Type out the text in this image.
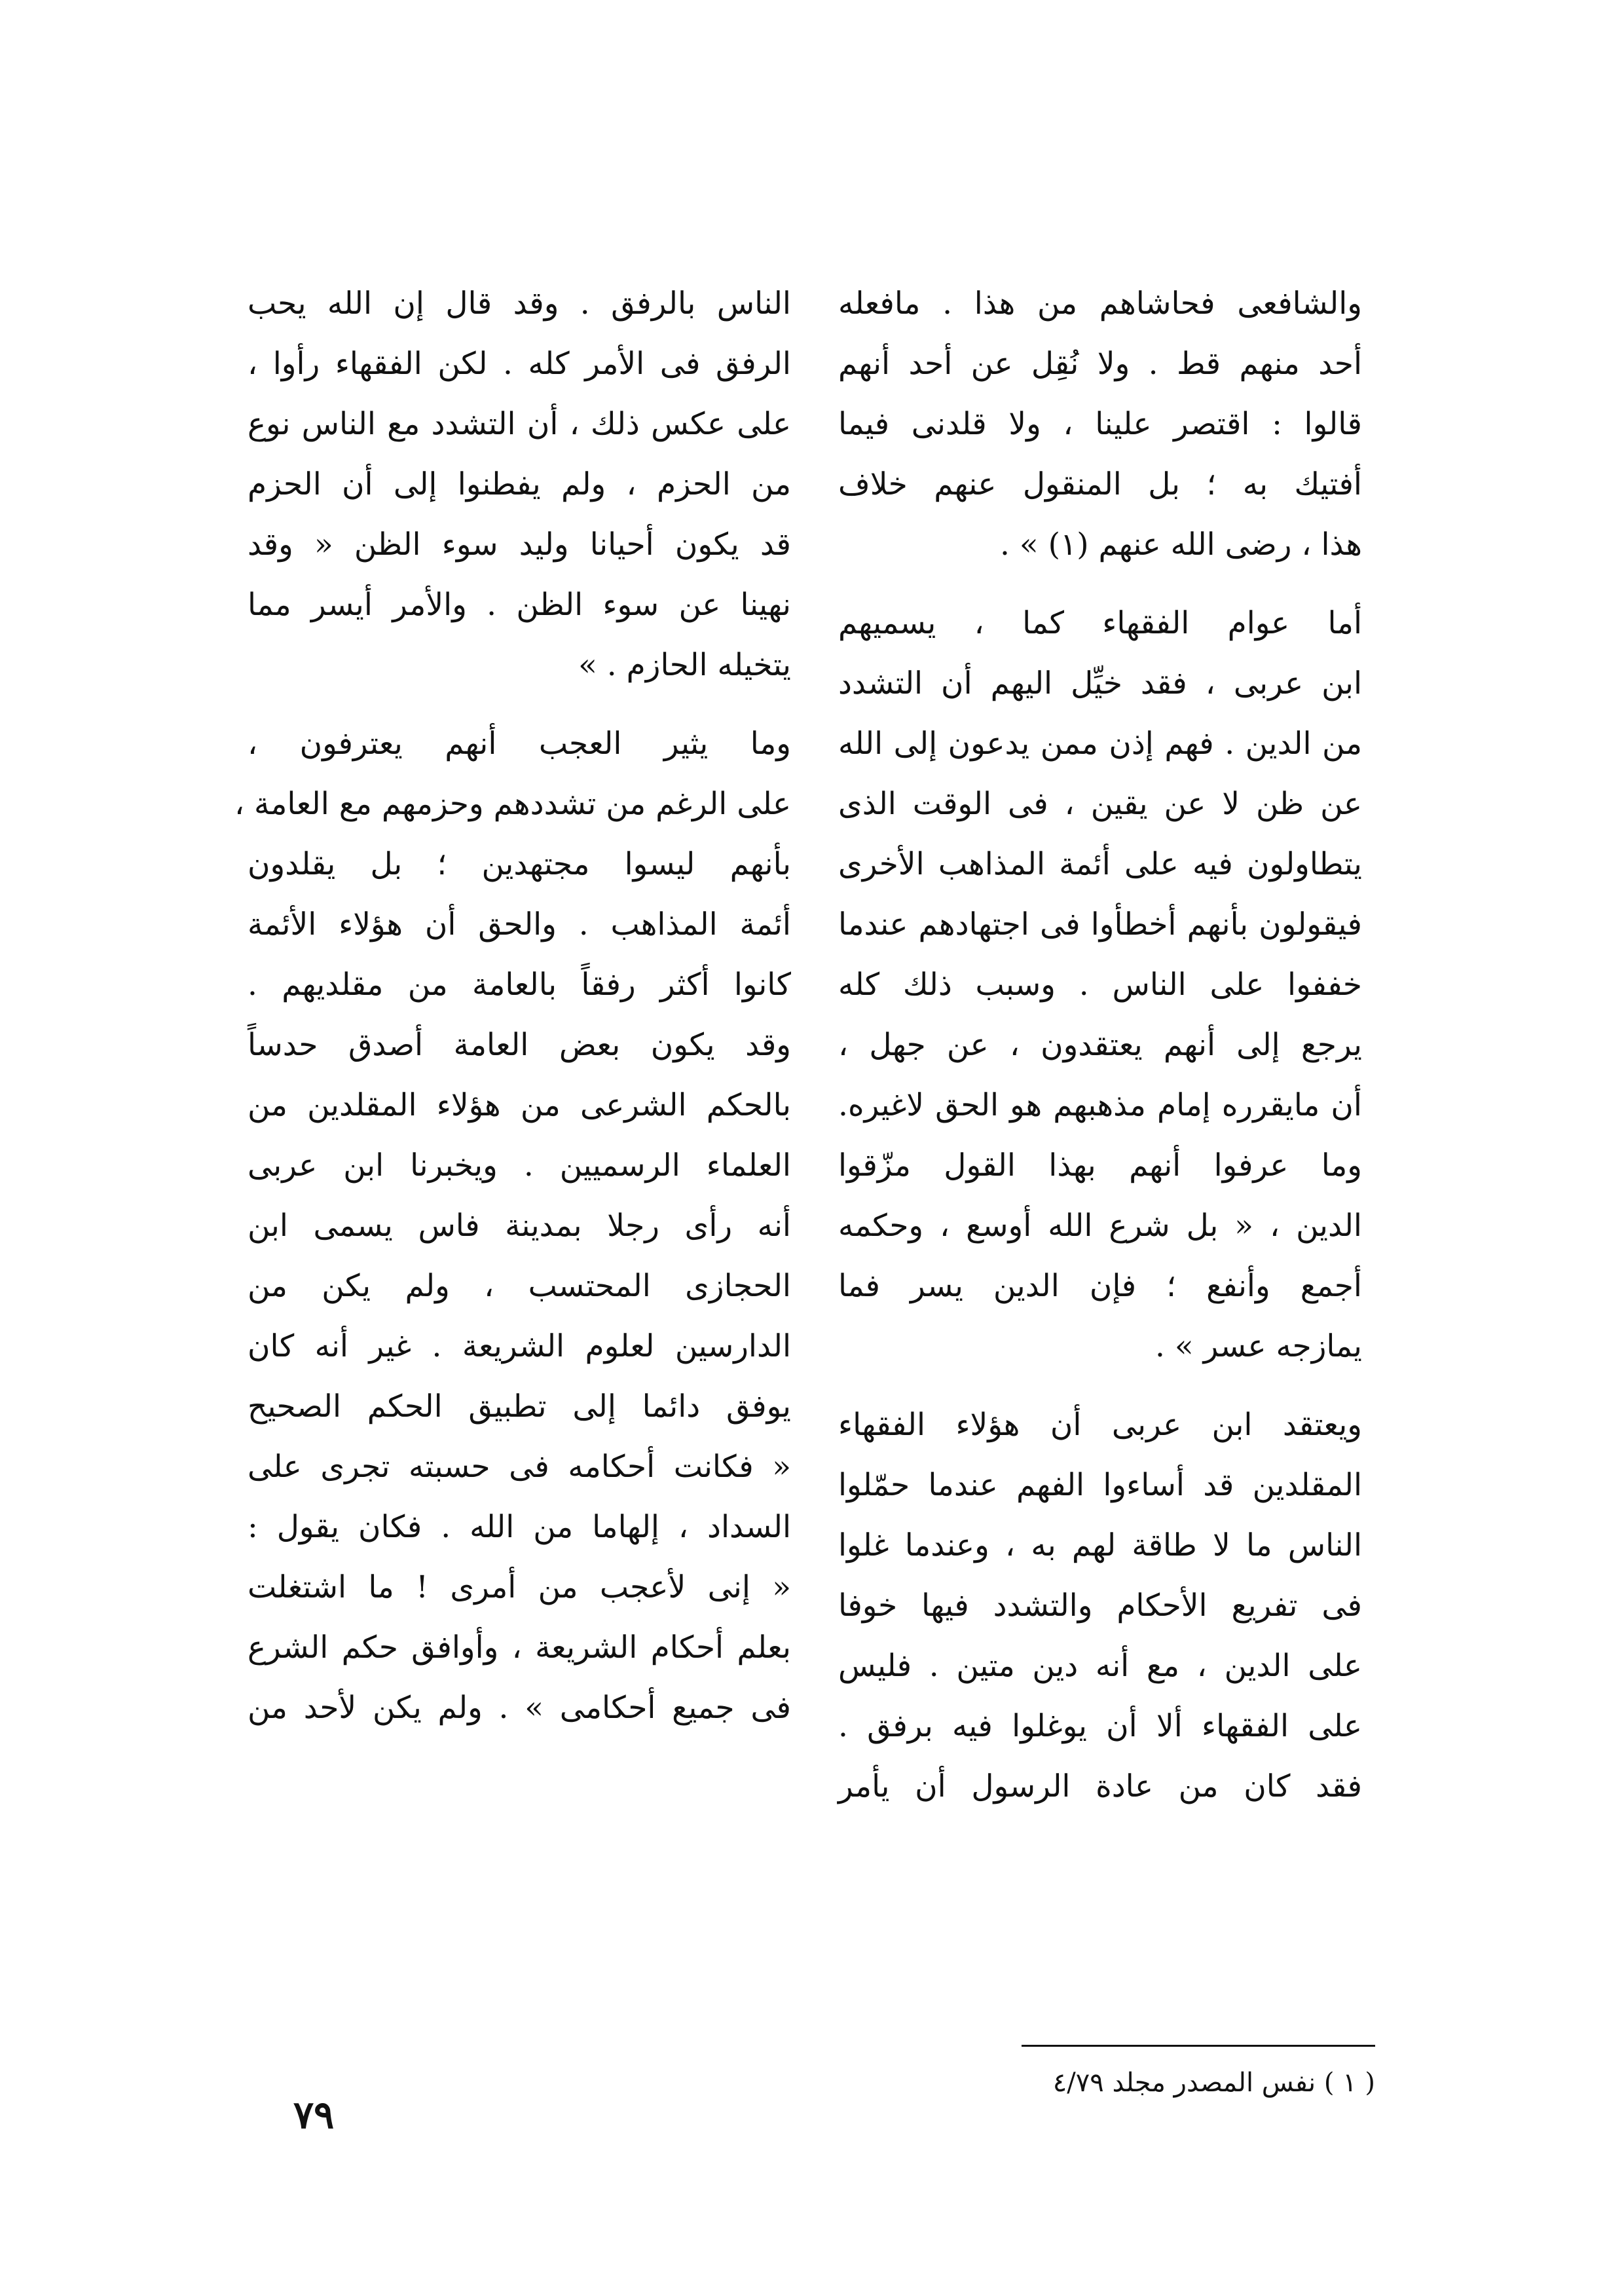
والشافعى فحاشاهم من هذا . مافعله
أحد منهم قط . ولا نُقِل عن أحد أنهم
قالوا : اقتصر علينا ، ولا قلدنى فيما
أفتيك به ؛ بل المنقول عنهم خلاف
هذا ، رضى الله عنهم (١) » .
أما عوام الفقهاء كما ، يسميهم
ابن عربى ، فقد خيِّل اليهم أن التشدد
من الدين . فهم إذن ممن يدعون إلى الله
عن ظن لا عن يقين ، فى الوقت الذى
يتطاولون فيه على أئمة المذاهب الأخرى
فيقولون بأنهم أخطأوا فى اجتهادهم عندما
خففوا على الناس . وسبب ذلك كله
يرجع إلى أنهم يعتقدون ، عن جهل ،
أن مايقرره إمام مذهبهم هو الحق لاغيره.
وما عرفوا أنهم بهذا القول مزّقوا
الدين ، « بل شرع الله أوسع ، وحكمه
أجمع وأنفع ؛ فإن الدين يسر فما
يمازجه عسر » .
ويعتقد ابن عربى أن هؤلاء الفقهاء
المقلدين قد أساءوا الفهم عندما حمّلوا
الناس ما لا طاقة لهم به ، وعندما غلوا
فى تفريع الأحكام والتشدد فيها خوفا
على الدين ، مع أنه دين متين . فليس
على الفقهاء ألا أن يوغلوا فيه برفق .
فقد كان من عادة الرسول أن يأمر
الناس بالرفق . وقد قال إن الله يحب
الرفق فى الأمر كله . لكن الفقهاء رأوا ،
على عكس ذلك ، أن التشدد مع الناس نوع
من الحزم ، ولم يفطنوا إلى أن الحزم
قد يكون أحيانا وليد سوء الظن « وقد
نهينا عن سوء الظن . والأمر أيسر مما
يتخيله الحازم . »
وما يثير العجب أنهم يعترفون ،
على الرغم من تشددهم وحزمهم مع العامة ،
بأنهم ليسوا مجتهدين ؛ بل يقلدون
أئمة المذاهب . والحق أن هؤلاء الأئمة
كانوا أكثر رفقاً بالعامة من مقلديهم .
وقد يكون بعض العامة أصدق حدساً
بالحكم الشرعى من هؤلاء المقلدين من
العلماء الرسميين . ويخبرنا ابن عربى
أنه رأى رجلا بمدينة فاس يسمى ابن
الحجازى المحتسب ، ولم يكن من
الدارسين لعلوم الشريعة . غير أنه كان
يوفق دائما إلى تطبيق الحكم الصحيح
« فكانت أحكامه فى حسبته تجرى على
السداد ، إلهاما من الله . فكان يقول :
« إنى لأعجب من أمرى ! ما اشتغلت
بعلم أحكام الشريعة ، وأوافق حكم الشرع
فى جميع أحكامى » . ولم يكن لأحد من
( ١ ) نفس المصدر مجلد ٤/٧٩
٧٩
